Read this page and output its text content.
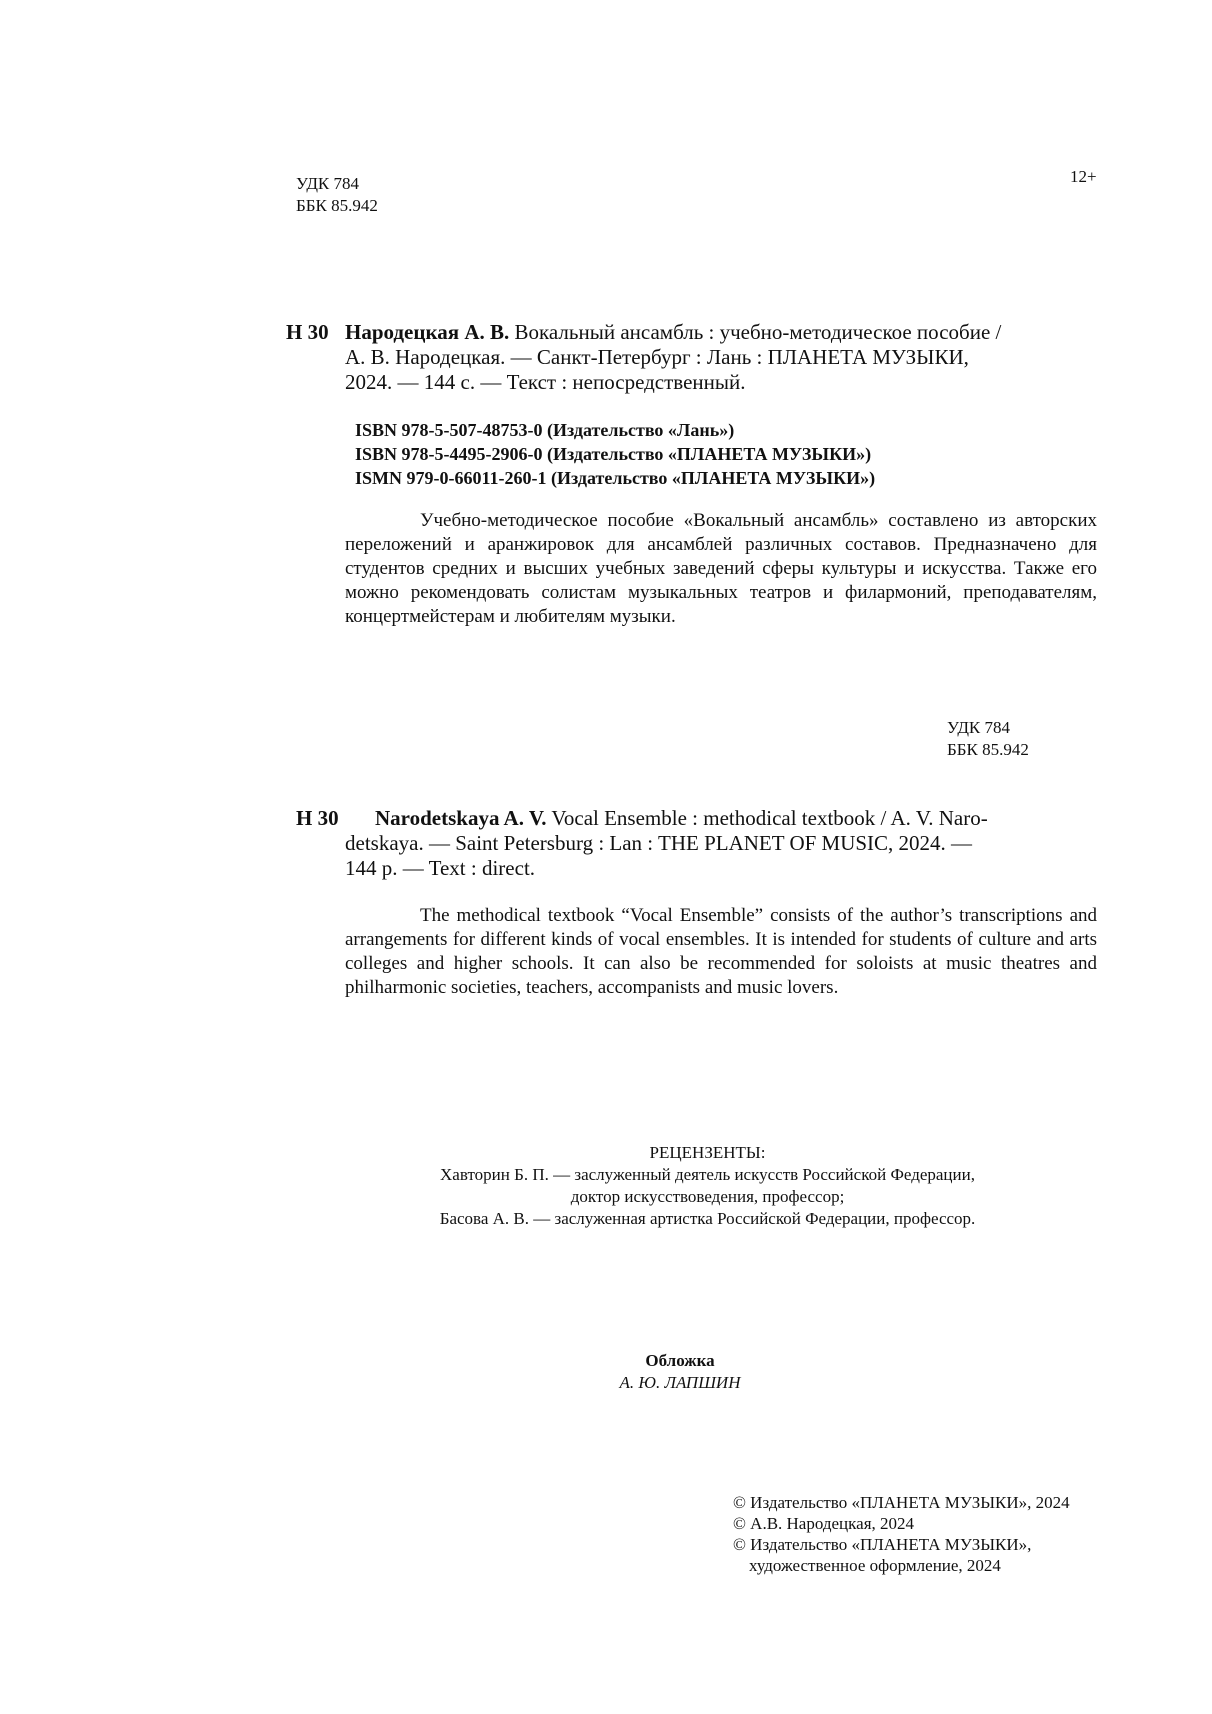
УДК 784
ББК 85.942
12+
Н 30 Народецкая А. В. Вокальный ансамбль : учебно-методическое пособие /
А. В. Народецкая. — Санкт-Петербург : Лань : ПЛАНЕТА МУЗЫКИ,
2024. — 144 с. — Текст : непосредственный.
ISBN 978-5-507-48753-0 (Издательство «Лань»)
ISBN 978-5-4495-2906-0 (Издательство «ПЛАНЕТА МУЗЫКИ»)
ISMN 979-0-66011-260-1 (Издательство «ПЛАНЕТА МУЗЫКИ»)

Учебно-методическое пособие «Вокальный ансамбль» составлено из авторских переложений и аранжировок для ансамблей различных составов. Предназначено для студентов средних и высших учебных заведений сферы культуры и искусства. Также его можно рекомендовать солистам музыкальных театров и филармоний, преподавателям, концертмейстерам и любителям музыки.

УДК 784
ББК 85.942
Н 30 Narodetskaya A. V. Vocal Ensemble : methodical textbook / A. V. Naro-
detskaya. — Saint Petersburg : Lan : THE PLANET OF MUSIC, 2024. —
144 p. — Text : direct.

The methodical textbook “Vocal Ensemble” consists of the author’s transcriptions and arrangements for different kinds of vocal ensembles. It is intended for students of culture and arts colleges and higher schools. It can also be recommended for soloists at music theatres and philharmonic societies, teachers, accompanists and music lovers.

РЕЦЕНЗЕНТЫ:
Хавторин Б. П. — заслуженный деятель искусств Российской Федерации,
доктор искусствоведения, профессор;
Басова А. В. — заслуженная артистка Российской Федерации, профессор.
Обложка
А. Ю. ЛАПШИН
© Издательство «ПЛАНЕТА МУЗЫКИ», 2024
© А.В. Народецкая, 2024
© Издательство «ПЛАНЕТА МУЗЫКИ»,
художественное оформление, 2024
